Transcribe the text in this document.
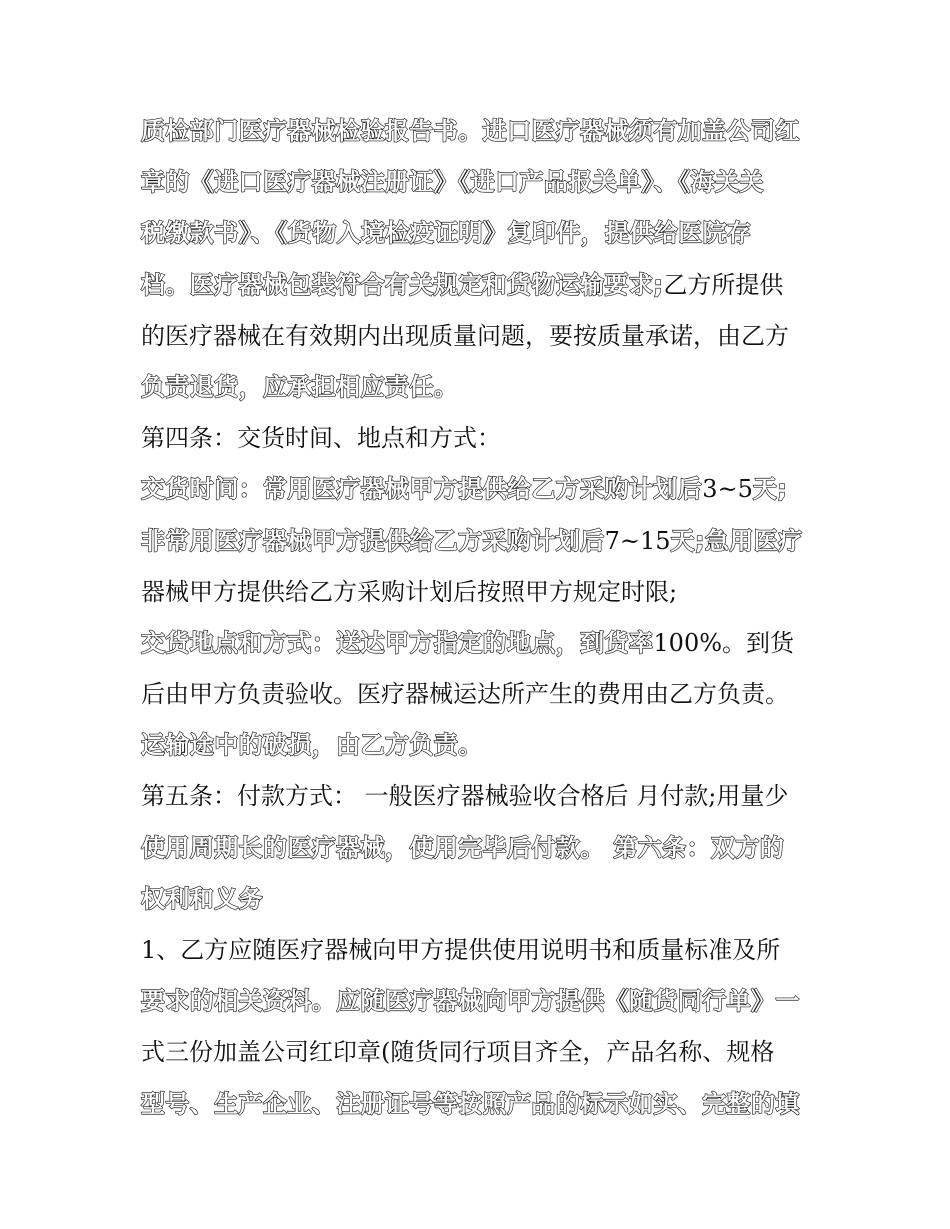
质检部门医疗器械检验报告书。进口医疗器械须有加盖公司红
章的《进口医疗器械注册证》《进口产品报关单》、《海关关
税缴款书》、《货物入境检疫证明》复印件，提供给医院存
档。医疗器械包装符合有关规定和货物运输要求;乙方所提供
的医疗器械在有效期内出现质量问题，要按质量承诺，由乙方
负责退货，应承担相应责任。
第四条：交货时间、地点和方式：
交货时间：常用医疗器械甲方提供给乙方采购计划后3~5天;
非常用医疗器械甲方提供给乙方采购计划后7~15天;急用医疗
器械甲方提供给乙方采购计划后按照甲方规定时限;
交货地点和方式：送达甲方指定的地点，到货率100%。到货
后由甲方负责验收。医疗器械运达所产生的费用由乙方负责。
运输途中的破损，由乙方负责。
第五条：付款方式： 一般医疗器械验收合格后 月付款;用量少
使用周期长的医疗器械，使用完毕后付款。 第六条：双方的
权利和义务
1、乙方应随医疗器械向甲方提供使用说明书和质量标准及所
要求的相关资料。应随医疗器械向甲方提供《随货同行单》一
式三份加盖公司红印章(随货同行项目齐全，产品名称、规格
型号、生产企业、注册证号等按照产品的标示如实、完整的填
